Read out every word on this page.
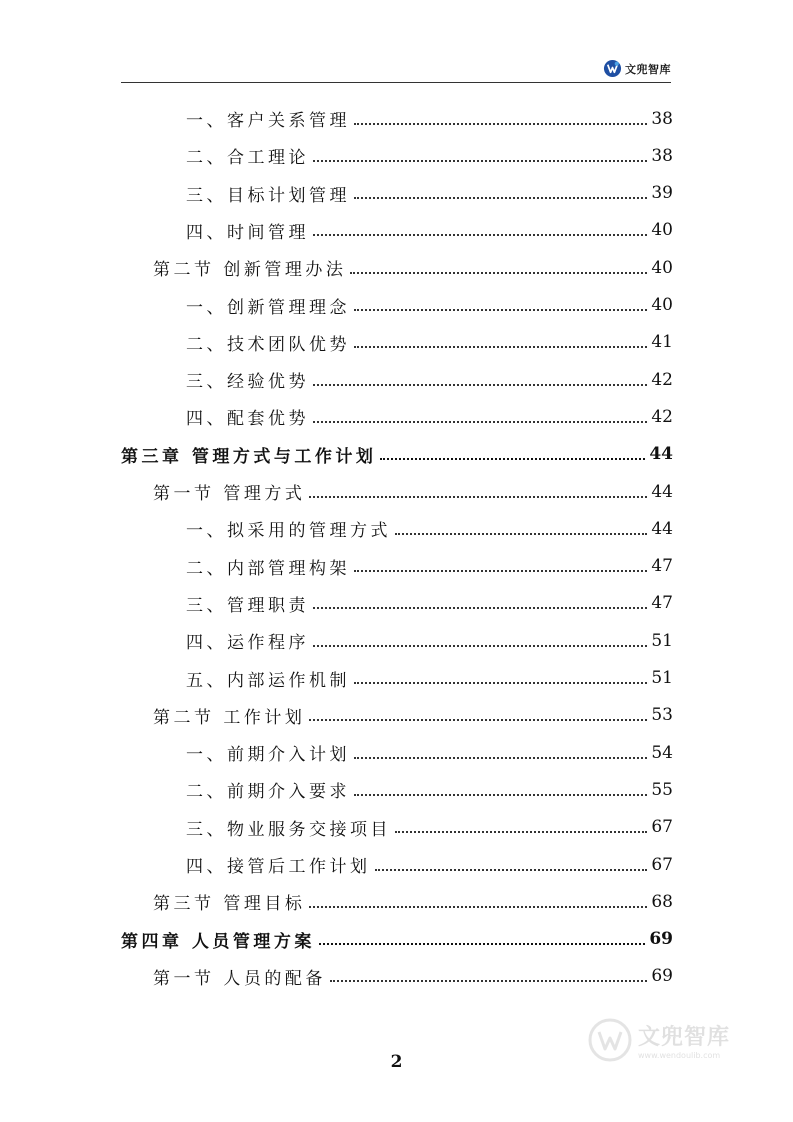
文兜智库
一、客户关系管理	38
二、合工理论	38
三、目标计划管理	39
四、时间管理	40
第二节 创新管理办法	40
一、创新管理理念	40
二、技术团队优势	41
三、经验优势	42
四、配套优势	42
第三章 管理方式与工作计划	44
第一节 管理方式	44
一、拟采用的管理方式	44
二、内部管理构架	47
三、管理职责	47
四、运作程序	51
五、内部运作机制	51
第二节 工作计划	53
一、前期介入计划	54
二、前期介入要求	55
三、物业服务交接项目	67
四、接管后工作计划	67
第三节 管理目标	68
第四章 人员管理方案	69
第一节 人员的配备	69
2
文兜智库
www.wendoulib.com
